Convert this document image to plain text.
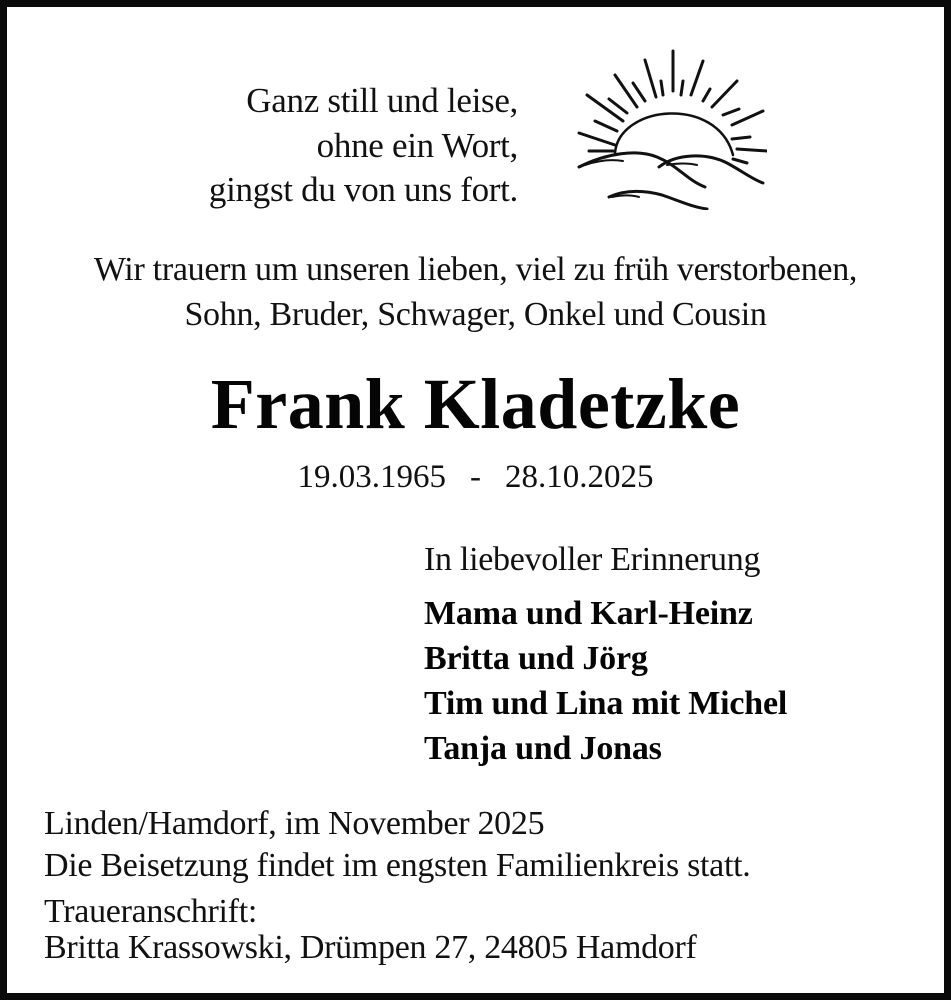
Ganz still und leise,
ohne ein Wort,
gingst du von uns fort.
Wir trauern um unseren lieben, viel zu früh verstorbenen,
Sohn, Bruder, Schwager, Onkel und Cousin
Frank Kladetzke
19.03.1965 - 28.10.2025
In liebevoller Erinnerung
Mama und Karl-Heinz
Britta und Jörg
Tim und Lina mit Michel
Tanja und Jonas
Linden/Hamdorf, im November 2025
Die Beisetzung findet im engsten Familienkreis statt.
Traueranschrift:
Britta Krassowski, Drümpen 27, 24805 Hamdorf
